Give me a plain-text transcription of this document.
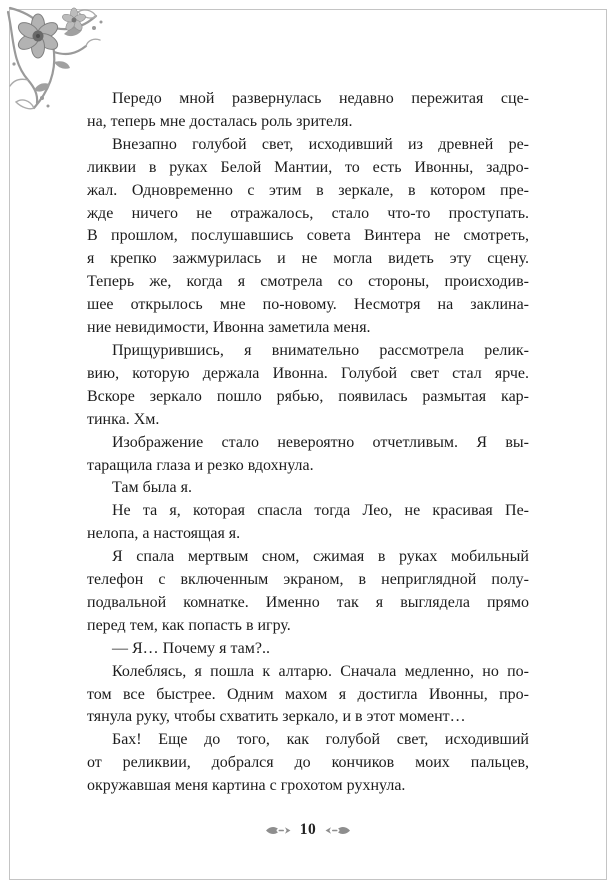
Передо мной развернулась недавно пережитая сце-
на, теперь мне досталась роль зрителя.

Внезапно голубой свет, исходивший из древней ре-
ликвии в руках Белой Мантии, то есть Ивонны, задро-
жал. Одновременно с этим в зеркале, в котором пре-
жде ничего не отражалось, стало что-то проступать.
В прошлом, послушавшись совета Винтера не смотреть,
я крепко зажмурилась и не могла видеть эту сцену.
Теперь же, когда я смотрела со стороны, происходив-
шее открылось мне по-новому. Несмотря на заклина-
ние невидимости, Ивонна заметила меня.

Прищурившись, я внимательно рассмотрела релик-
вию, которую держала Ивонна. Голубой свет стал ярче.
Вскоре зеркало пошло рябью, появилась размытая кар-
тинка. Хм.

Изображение стало невероятно отчетливым. Я вы-
таращила глаза и резко вдохнула.

Там была я.

Не та я, которая спасла тогда Лео, не красивая Пе-
нелопа, а настоящая я.

Я спала мертвым сном, сжимая в руках мобильный
телефон с включенным экраном, в неприглядной полу-
подвальной комнатке. Именно так я выглядела прямо
перед тем, как попасть в игру.

— Я… Почему я там?..

Колеблясь, я пошла к алтарю. Сначала медленно, но по-
том все быстрее. Одним махом я достигла Ивонны, про-
тянула руку, чтобы схватить зеркало, и в этот момент…

Бах! Еще до того, как голубой свет, исходивший
от реликвии, добрался до кончиков моих пальцев,
окружавшая меня картина с грохотом рухнула.

10
